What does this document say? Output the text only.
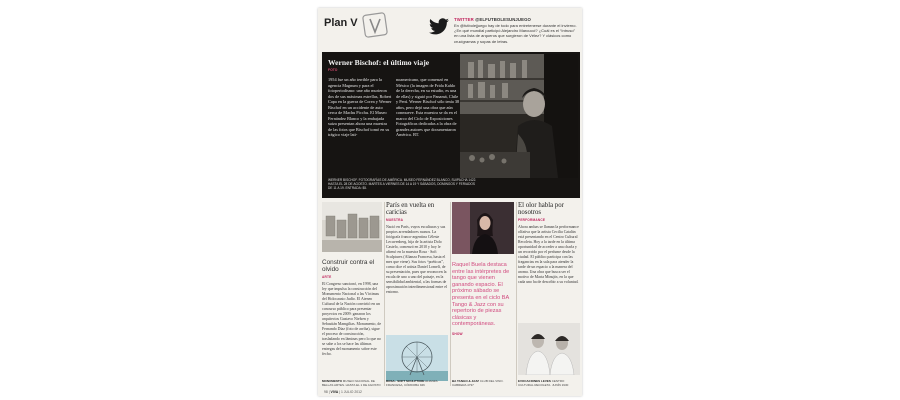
Plan V	TWITTER @ELFUTBOLESUNJUEGO
En @futbolejjuego hay de todo para entretenerse durante el invierno. ¿En qué mundial participó Alejandro Marcucci? ¿Cuál es el “Intruso” en una lista de arqueros que surgieron de Vélez? Y clásicos como crucigramas y sopas de letras.
Werner Bischof: el último viaje
FOTO
1954 fue un año terrible para la agencia Magnum y para el fotoperiodismo: une año murieron dos de sus máximas estrellas, Robert Capa en la guerra de Corea y Werner Bischof en un accidente de auto cerca de Machu Picchu. El Museo Fernández Blanco y la embajada suiza presentan ahora una muestra de las fotos que Bischof tomó en su trágico viaje lati-
noamericano, que comenzó en México (la imagen de Frida Kahlo de la derecha, en su estudio, es una de ellas) y siguió por Panamá, Chile y Perú. Werner Bischof sólo tenía 38 años, pero dejó una obra que aún conmueve. Esta muestra se da en el marco del Ciclo de Exposiciones Fotográficas dedicadas a la obra de grandes autores que documentaron América. BT.
WERNER BISCHOF. FOTOGRAFÍAS DE AMÉRICA. MUSEO FERNÁNDEZ BLANCO, SUIPACHA 1422. HASTA EL 28 DE AGOSTO. MARTES A VIERNES DE 14 A 19 Y SÁBADOS, DOMINGOS Y FERIADOS DE 11 A 19. ENTRADA: $5.
Construir contra el olvido
ARTE
El Congreso sancionó, en 1998, una ley que impulsa la construcción del Monumento Nacional a las Víctimas del Holocausto Judío. El Ateneo Cultural de la Nación convirtió en un concurso público para presentar proyectos en 2009: ganaron los arquitectos Gustavo Nielsen y Sebastián Mamgilias. Monumento, de Fernando Díaz (foto de arriba), sigue el proceso de construcción, trasladando en láminas pero lo que no se sabe a los se hace las últimas entregas del monumento sobre este fecho.
MONUMENTO MUSEO NACIONAL DE BELLAS ARTES. HASTA EL 1 DE AGOSTO
París en vuelta en caricias
MUESTRA
Nació en París, vuyos esculturas y sus propios arrendadores ruanos. La fotógrafa franco-argentina Céleste Lecuvenberg, hija de la artista Dolo Castelo, comenzó en 2010 y hoy le afirmó en la muestra Rosa · Soft Sculptures (Alianza Francesa, hasta el mes que viene). Sus fotos “poéticas”, como dice el artista Daniel Lomelí, de su presentación, pues que reconocen la escala de uno a uno del paisaje, en la sensibilidad ambiental, a las formas de aproximación interdimensional entre el entorno.
ROSA · SOFT SCULPTURE ALIANZA FRANCESA, CÓRDOBA 946
Raquel Buela destaca entre las intérpretes de tango que vienen ganando espacio. El próximo sábado se presenta en el ciclo BA Tango & Jazz con su repertorio de piezas clásicas y contemporáneas.
SHOW
BA TANGO & JAZZ CLUB DEL VINO. CABRERA 4737
El olor habla por nosotros
PERFORMANCE
Ahora ambas se llaman la performance olfativa que la artista Cecilia Catalán está presentando en el Centro Cultural Recoleta. Hoy a la tarde en la última oportunidad de acceder a una charla y un recorrido por el perfume desde la ciudad. El público participa con las fragancias en la sala para atender la tarde de un espacio a la manera del aroma. Una obra que busca ser el motivo de Marta Minujín, en la que cada uno ha de describir a su voluntad.
EVOCACIONES LEVES CENTRO CULTURAL RECOLETA. JUNÍN 1930
98 | VIVA | 1 JULIO 2012
